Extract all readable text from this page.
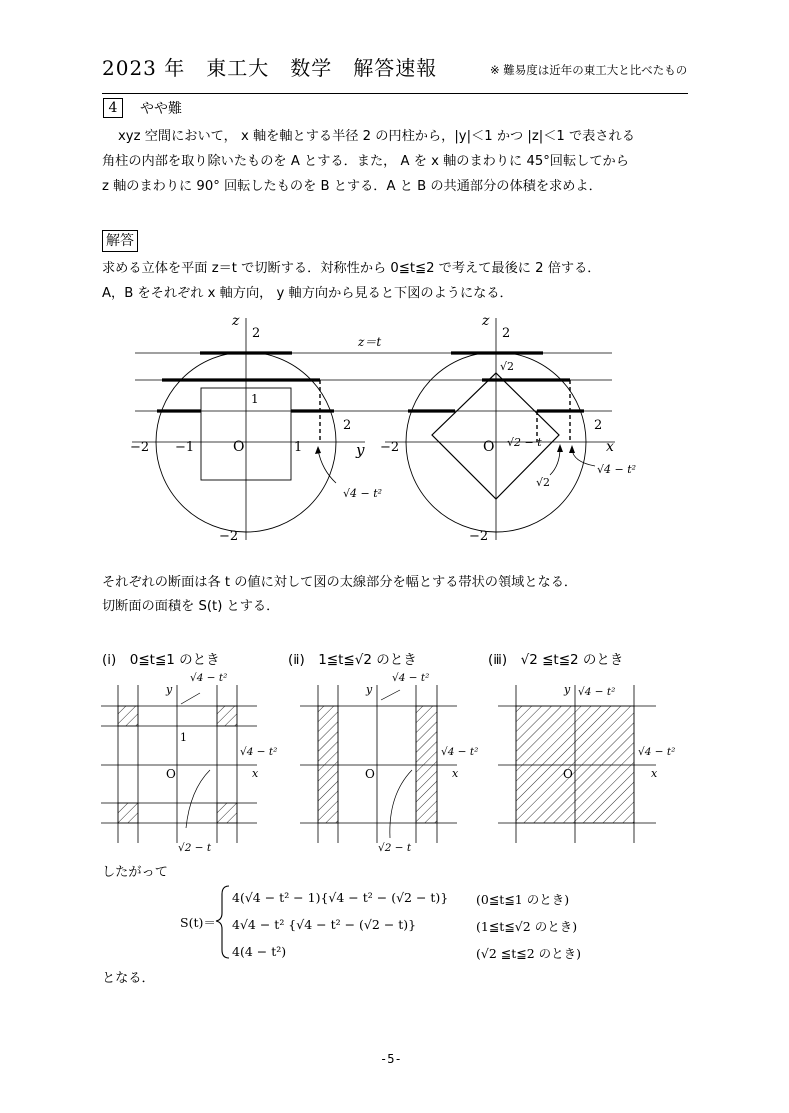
2023 年　東工大　数学　解答速報	※ 難易度は近年の東工大と比べたもの
4	やや難
xyz 空間において， x 軸を軸とする半径 2 の円柱から，|y|＜1 かつ |z|＜1 で表される
角柱の内部を取り除いたものを A とする．また， A を x 軸のまわりに 45°回転してから
z 軸のまわりに 90° 回転したものを B とする．A と B の共通部分の体積を求めよ．
解答
求める立体を平面 z＝t で切断する．対称性から 0≦t≦2 で考えて最後に 2 倍する．
A，B をそれぞれ x 軸方向， y 軸方向から見ると下図のようになる．
z
2
1
2
−2 −1	O	1	y
√4 − t²
−2
z＝t
z
2
√2
√2 − t
2
−2	O	x
√2
√4 − t²
−2
それぞれの断面は各 t の値に対して図の太線部分を幅とする帯状の領域となる．
切断面の面積を S(t) とする．
(ⅰ)　0≦t≦1 のとき	(ⅱ)　1≦t≦√2 のとき	(ⅲ)　√2 ≦t≦2 のとき
y
√4 − t²
1
√4 − t²
O	x
√2 − t
y
√4 − t²
√4 − t²
O	x
√2 − t
y √4 − t²
√4 − t²
O	x
したがって
S(t)＝
4(√4 − t² − 1){√4 − t² − (√2 − t)} (0≦t≦1 のとき)
4√4 − t² {√4 − t² − (√2 − t)}	(1≦t≦√2 のとき)
4(4 − t²)	(√2 ≦t≦2 のとき)
となる．
-5-
